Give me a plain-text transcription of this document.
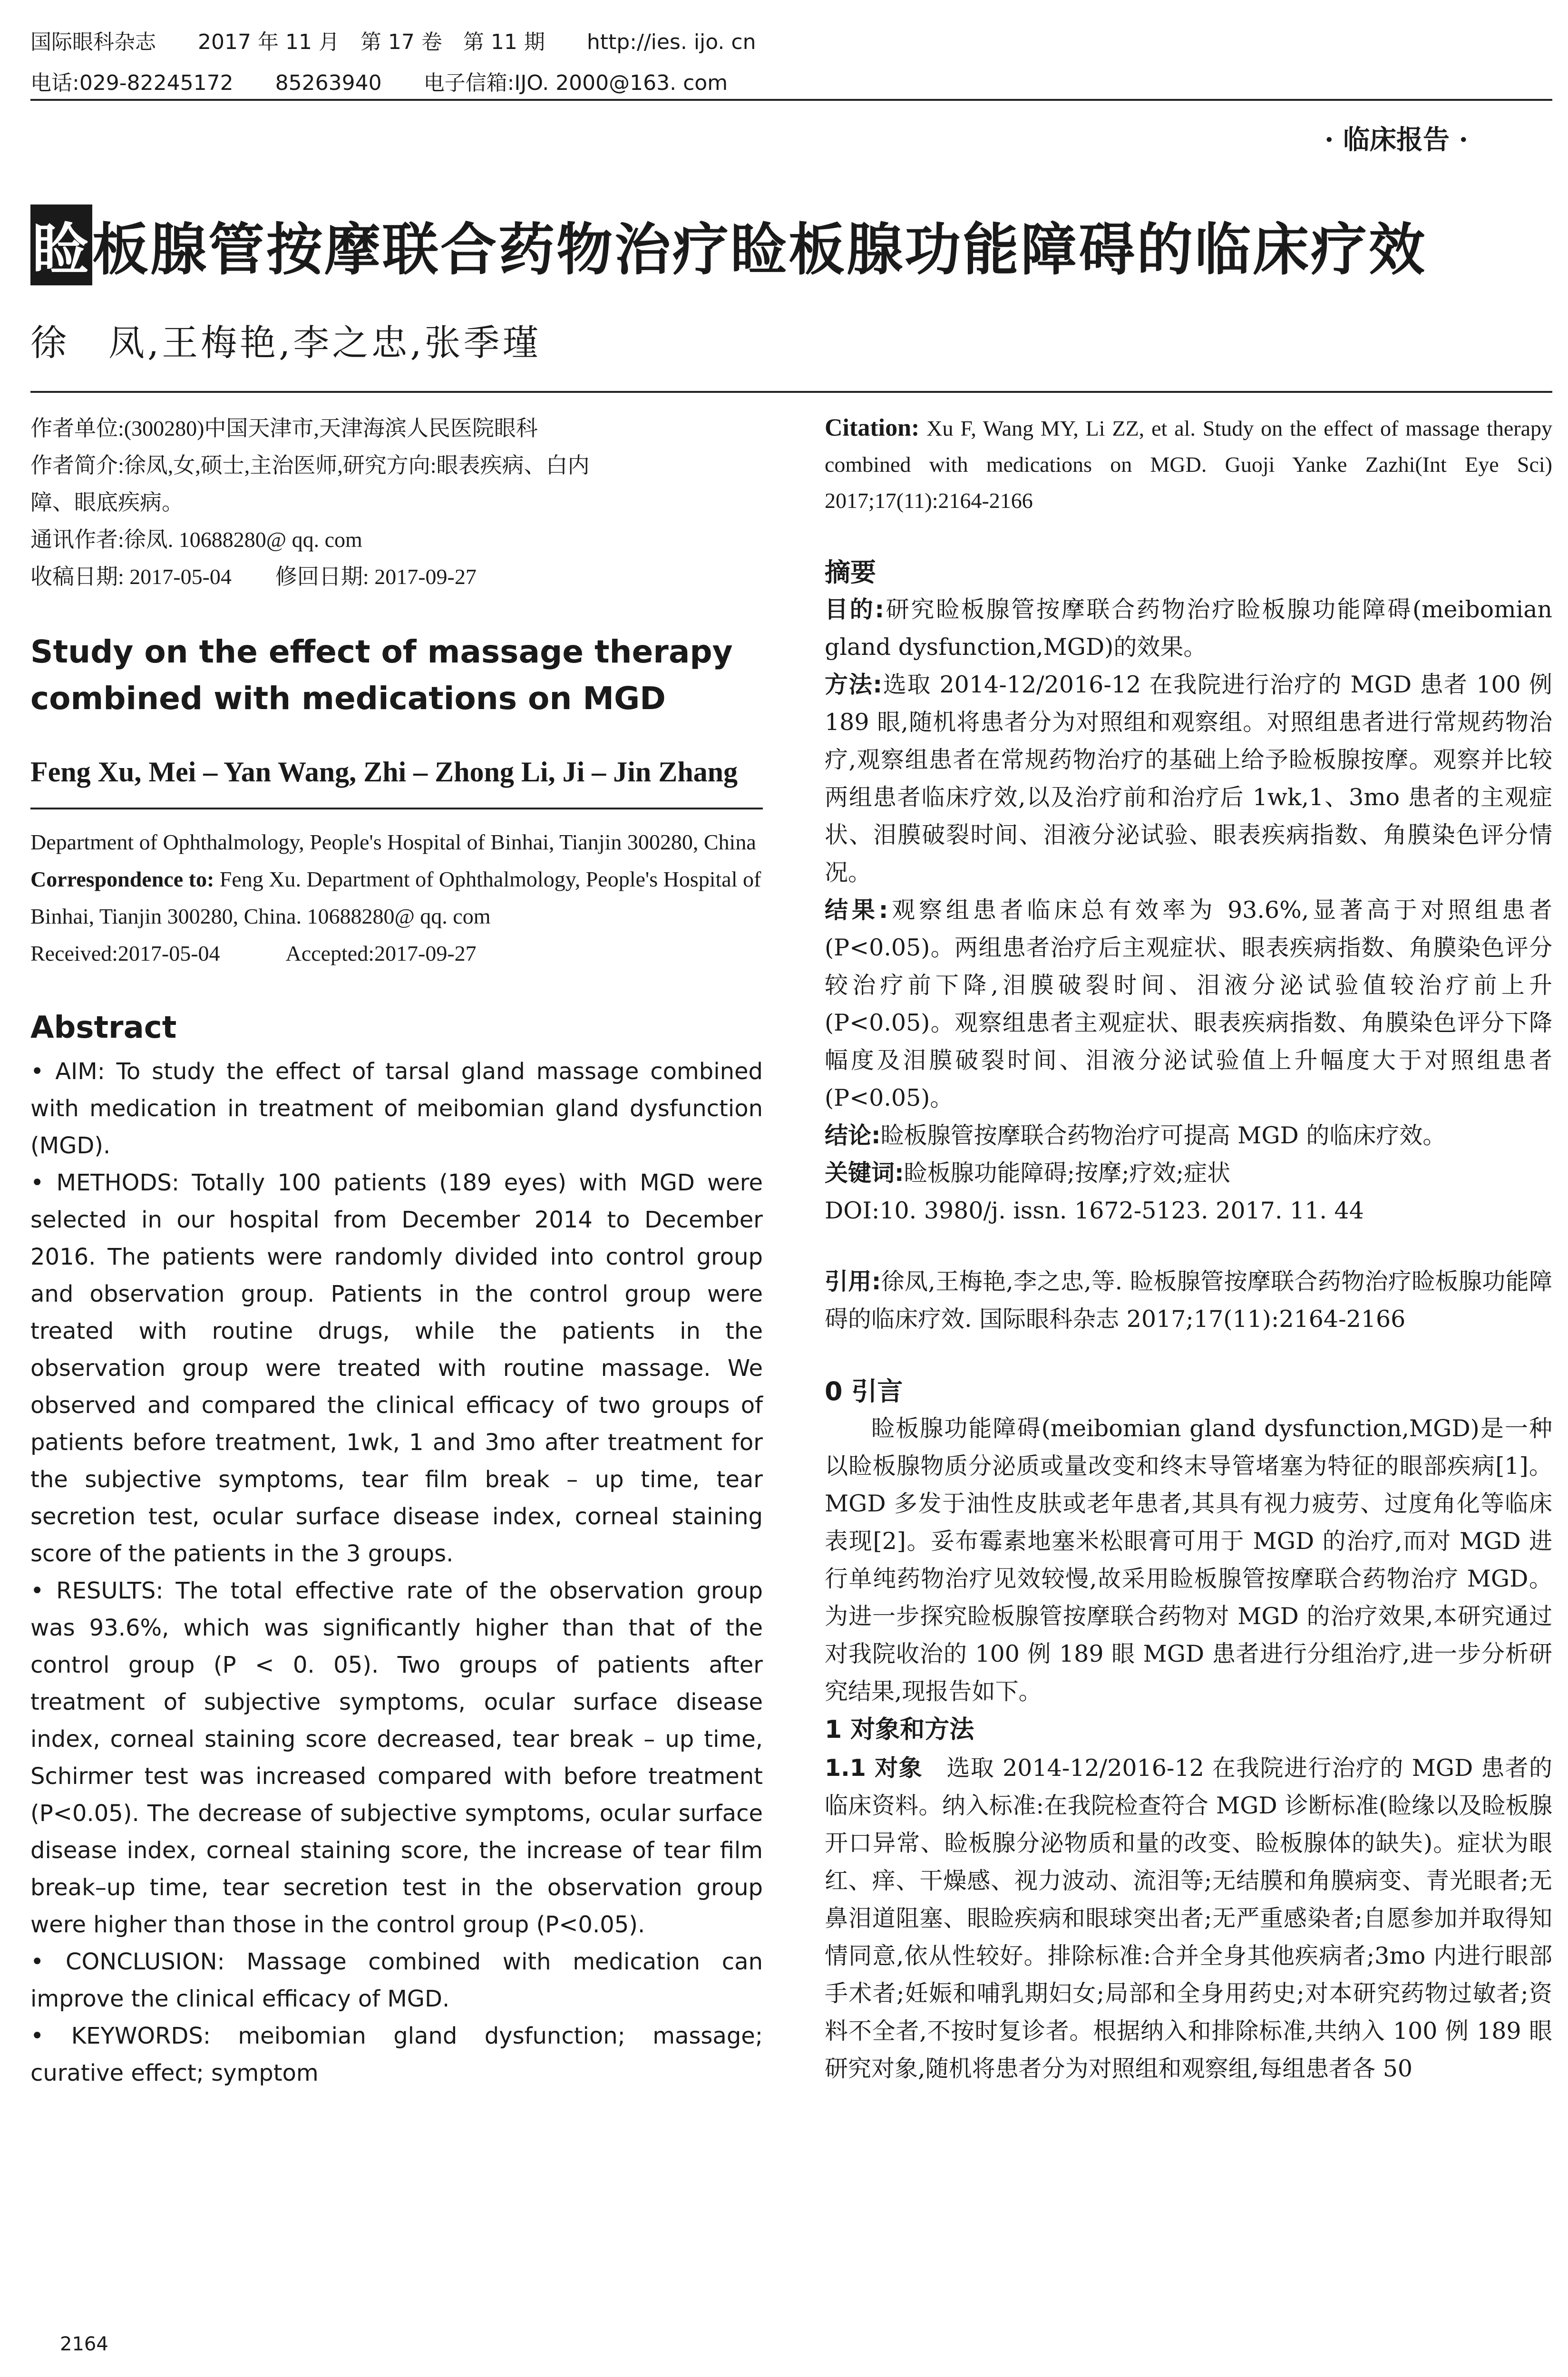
国际眼科杂志　　2017 年 11 月　第 17 卷　第 11 期　　http://ies. ijo. cn
电话:029-82245172　　85263940　　电子信箱:IJO. 2000@163. com
· 临床报告 ·
睑板腺管按摩联合药物治疗睑板腺功能障碍的临床疗效
徐　凤,王梅艳,李之忠,张季瑾

作者单位:(300280)中国天津市,天津海滨人民医院眼科

作者简介:徐凤,女,硕士,主治医师,研究方向:眼表疾病、白内

障、眼底疾病。

通讯作者:徐凤. 10688280@ qq. com

收稿日期: 2017-05-04　　修回日期: 2017-09-27

Study on the effect of massage therapy combined with medications on MGD
Feng Xu, Mei – Yan Wang, Zhi – Zhong Li, Ji – Jin Zhang

Department of Ophthalmology, People's Hospital of Binhai, Tianjin 300280, China

Correspondence to: Feng Xu. Department of Ophthalmology, People's Hospital of Binhai, Tianjin 300280, China. 10688280@ qq. com

Received:2017-05-04　　　Accepted:2017-09-27

Abstract

• AIM: To study the effect of tarsal gland massage combined with medication in treatment of meibomian gland dysfunction (MGD).

• METHODS: Totally 100 patients (189 eyes) with MGD were selected in our hospital from December 2014 to December 2016. The patients were randomly divided into control group and observation group. Patients in the control group were treated with routine drugs, while the patients in the observation group were treated with routine massage. We observed and compared the clinical efficacy of two groups of patients before treatment, 1wk, 1 and 3mo after treatment for the subjective symptoms, tear film break – up time, tear secretion test, ocular surface disease index, corneal staining score of the patients in the 3 groups.

• RESULTS: The total effective rate of the observation group was 93.6%, which was significantly higher than that of the control group (P < 0. 05). Two groups of patients after treatment of subjective symptoms, ocular surface disease index, corneal staining score decreased, tear break – up time, Schirmer test was increased compared with before treatment (P<0.05). The decrease of subjective symptoms, ocular surface disease index, corneal staining score, the increase of tear film break–up time, tear secretion test in the observation group were higher than those in the control group (P<0.05).

• CONCLUSION: Massage combined with medication can improve the clinical efficacy of MGD.

• KEYWORDS: meibomian gland dysfunction; massage; curative effect; symptom

Citation: Xu F, Wang MY, Li ZZ, et al. Study on the effect of massage therapy combined with medications on MGD. Guoji Yanke Zazhi(Int Eye Sci) 2017;17(11):2164-2166

摘要

目的:研究睑板腺管按摩联合药物治疗睑板腺功能障碍(meibomian gland dysfunction,MGD)的效果。

方法:选取 2014-12/2016-12 在我院进行治疗的 MGD 患者 100 例 189 眼,随机将患者分为对照组和观察组。对照组患者进行常规药物治疗,观察组患者在常规药物治疗的基础上给予睑板腺按摩。观察并比较两组患者临床疗效,以及治疗前和治疗后 1wk,1、3mo 患者的主观症状、泪膜破裂时间、泪液分泌试验、眼表疾病指数、角膜染色评分情况。

结果:观察组患者临床总有效率为 93.6%,显著高于对照组患者(P<0.05)。两组患者治疗后主观症状、眼表疾病指数、角膜染色评分较治疗前下降,泪膜破裂时间、泪液分泌试验值较治疗前上升(P<0.05)。观察组患者主观症状、眼表疾病指数、角膜染色评分下降幅度及泪膜破裂时间、泪液分泌试验值上升幅度大于对照组患者(P<0.05)。

结论:睑板腺管按摩联合药物治疗可提高 MGD 的临床疗效。

关键词:睑板腺功能障碍;按摩;疗效;症状

DOI:10. 3980/j. issn. 1672-5123. 2017. 11. 44

引用:徐凤,王梅艳,李之忠,等. 睑板腺管按摩联合药物治疗睑板腺功能障碍的临床疗效. 国际眼科杂志 2017;17(11):2164-2166

0 引言

睑板腺功能障碍(meibomian gland dysfunction,MGD)是一种以睑板腺物质分泌质或量改变和终末导管堵塞为特征的眼部疾病[1]。MGD 多发于油性皮肤或老年患者,其具有视力疲劳、过度角化等临床表现[2]。妥布霉素地塞米松眼膏可用于 MGD 的治疗,而对 MGD 进行单纯药物治疗见效较慢,故采用睑板腺管按摩联合药物治疗 MGD。为进一步探究睑板腺管按摩联合药物对 MGD 的治疗效果,本研究通过对我院收治的 100 例 189 眼 MGD 患者进行分组治疗,进一步分析研究结果,现报告如下。

1 对象和方法

1.1 对象　选取 2014-12/2016-12 在我院进行治疗的 MGD 患者的临床资料。纳入标准:在我院检查符合 MGD 诊断标准(睑缘以及睑板腺开口异常、睑板腺分泌物质和量的改变、睑板腺体的缺失)。症状为眼红、痒、干燥感、视力波动、流泪等;无结膜和角膜病变、青光眼者;无鼻泪道阻塞、眼睑疾病和眼球突出者;无严重感染者;自愿参加并取得知情同意,依从性较好。排除标准:合并全身其他疾病者;3mo 内进行眼部手术者;妊娠和哺乳期妇女;局部和全身用药史;对本研究药物过敏者;资料不全者,不按时复诊者。根据纳入和排除标准,共纳入 100 例 189 眼研究对象,随机将患者分为对照组和观察组,每组患者各 50

2164
